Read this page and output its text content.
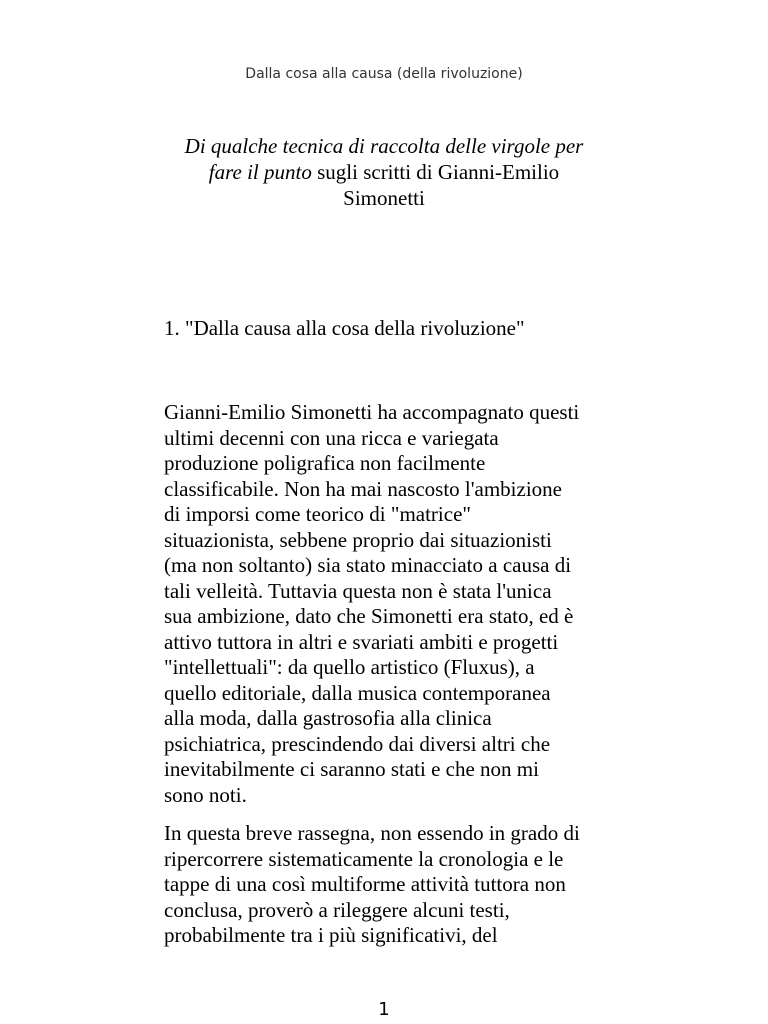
Dalla cosa alla causa (della rivoluzione)
Di qualche tecnica di raccolta delle virgole per
fare il punto sugli scritti di Gianni-Emilio
Simonetti
1. "Dalla causa alla cosa della rivoluzione"
Gianni-Emilio Simonetti ha accompagnato questi
ultimi decenni con una ricca e variegata
produzione poligrafica non facilmente
classificabile. Non ha mai nascosto l'ambizione
di imporsi come teorico di "matrice"
situazionista, sebbene proprio dai situazionisti
(ma non soltanto) sia stato minacciato a causa di
tali velleità. Tuttavia questa non è stata l'unica
sua ambizione, dato che Simonetti era stato, ed è
attivo tuttora in altri e svariati ambiti e progetti
"intellettuali": da quello artistico (Fluxus), a
quello editoriale, dalla musica contemporanea
alla moda, dalla gastrosofia alla clinica
psichiatrica, prescindendo dai diversi altri che
inevitabilmente ci saranno stati e che non mi
sono noti.
In questa breve rassegna, non essendo in grado di
ripercorrere sistematicamente la cronologia e le
tappe di una così multiforme attività tuttora non
conclusa, proverò a rileggere alcuni testi,
probabilmente tra i più significativi, del
1
